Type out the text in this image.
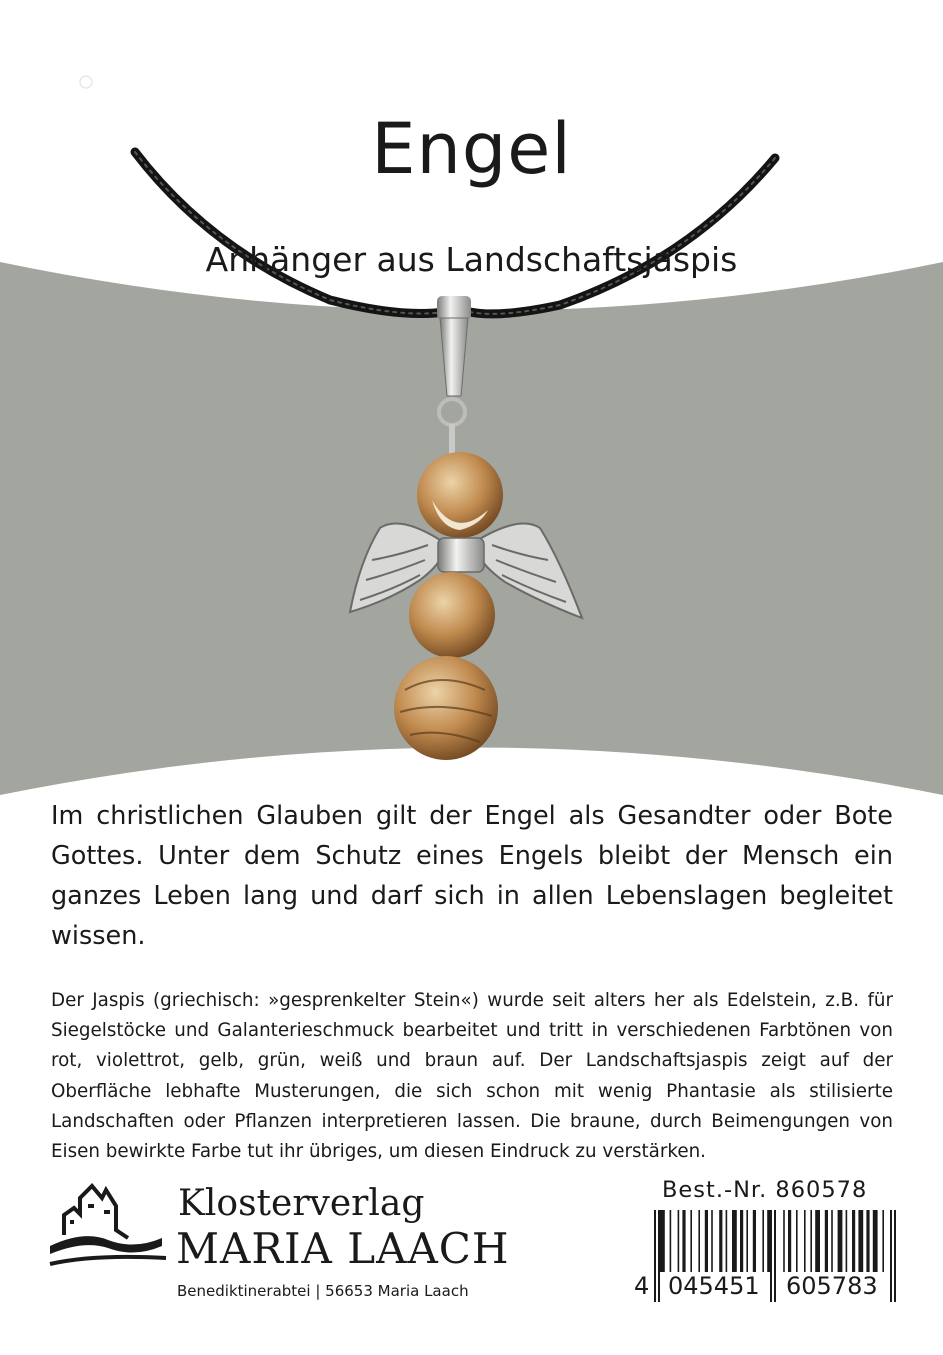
Engel
Anhänger aus Landschaftsjaspis

Im christlichen Glauben gilt der Engel als Gesandter oder Bote Gottes. Unter dem Schutz eines Engels bleibt der Mensch ein ganzes Leben lang und darf sich in allen Lebenslagen begleitet wissen.

Der Jaspis (griechisch: »gesprenkelter Stein«) wurde seit alters her als Edelstein, z.B. für Siegelstöcke und Galanterieschmuck bearbeitet und tritt in verschiedenen Farbtönen von rot, violettrot, gelb, grün, weiß und braun auf. Der Landschaftsjaspis zeigt auf der Oberfläche lebhafte Musterungen, die sich schon mit wenig Phantasie als stilisierte Landschaften oder Pflanzen interpretieren lassen. Die braune, durch Beimengungen von Eisen bewirkte Farbe tut ihr übriges, um diesen Eindruck zu verstärken.

Klosterverlag
MARIA LAACH
Benediktinerabtei | 56653 Maria Laach
Best.-Nr. 860578
4 045451 605783
